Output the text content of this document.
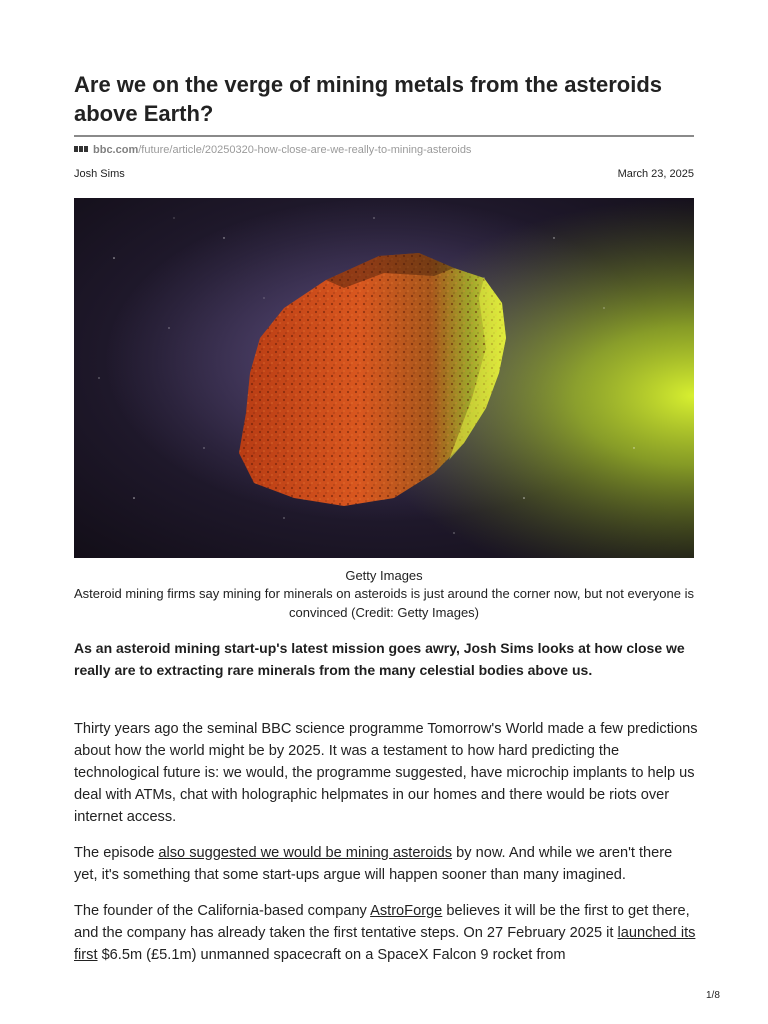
Are we on the verge of mining metals from the asteroids above Earth?
bbc.com/future/article/20250320-how-close-are-we-really-to-mining-asteroids
Josh Sims	March 23, 2025
Getty Images
Asteroid mining firms say mining for minerals on asteroids is just around the corner now, but not everyone is convinced (Credit: Getty Images)

As an asteroid mining start-up's latest mission goes awry, Josh Sims looks at how close we really are to extracting rare minerals from the many celestial bodies above us.

Thirty years ago the seminal BBC science programme Tomorrow's World made a few predictions about how the world might be by 2025. It was a testament to how hard predicting the technological future is: we would, the programme suggested, have microchip implants to help us deal with ATMs, chat with holographic helpmates in our homes and there would be riots over internet access.

The episode also suggested we would be mining asteroids by now. And while we aren't there yet, it's something that some start-ups argue will happen sooner than many imagined.

The founder of the California-based company AstroForge believes it will be the first to get there, and the company has already taken the first tentative steps. On 27 February 2025 it launched its first $6.5m (£5.1m) unmanned spacecraft on a SpaceX Falcon 9 rocket from

1/8
